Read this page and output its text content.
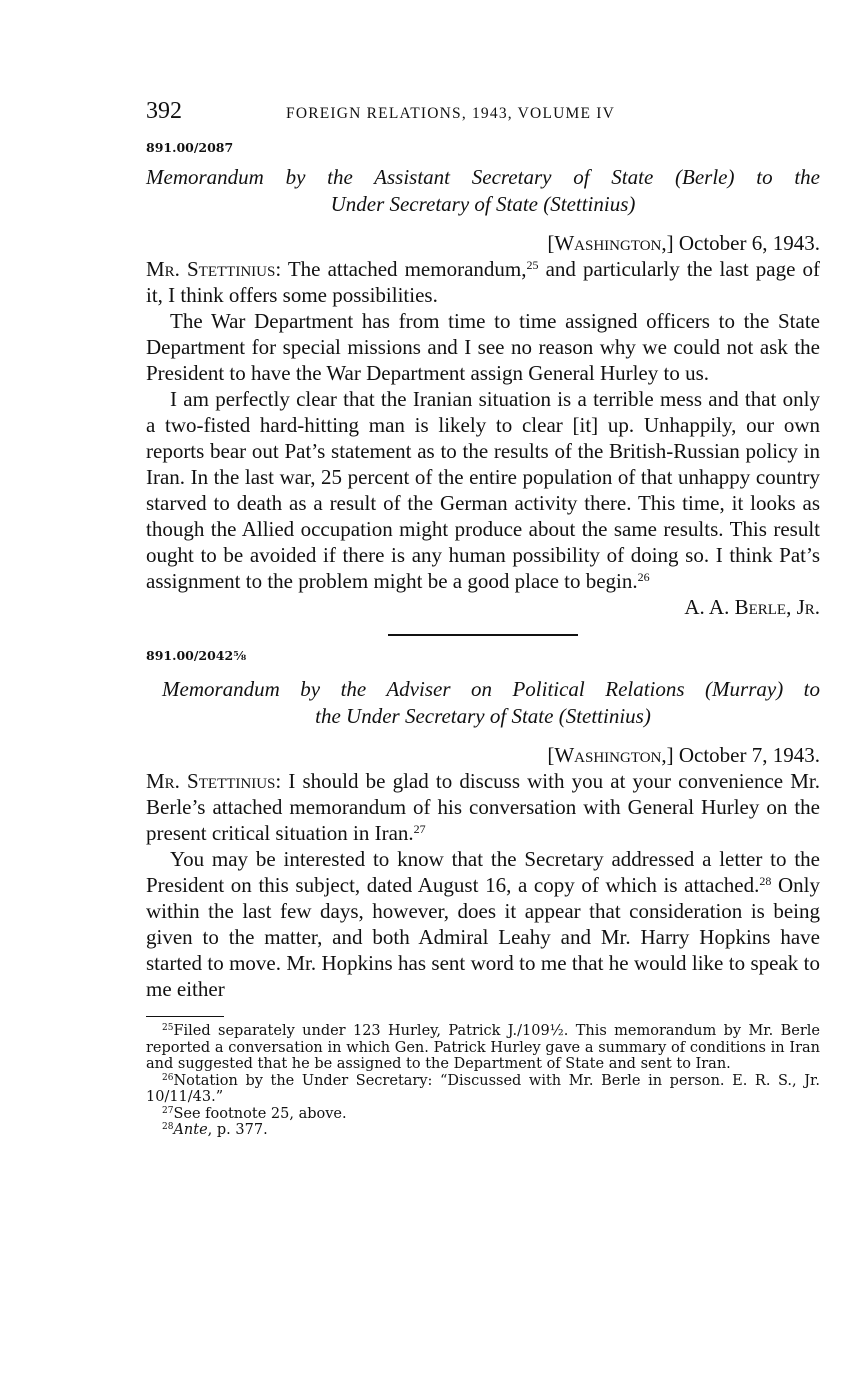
392	FOREIGN RELATIONS, 1943, VOLUME IV
891.00/2087
Memorandum by the Assistant Secretary of State (Berle) to the
Under Secretary of State (Stettinius)
[Washington,] October 6, 1943.

Mr. Stettinius: The attached memorandum,$^{25}$ and particularly the last page of it, I think offers some possibilities.

The War Department has from time to time assigned officers to the State Department for special missions and I see no reason why we could not ask the President to have the War Department assign General Hurley to us.

I am perfectly clear that the Iranian situation is a terrible mess and that only a two-fisted hard-hitting man is likely to clear [it] up. Unhappily, our own reports bear out Pat’s statement as to the results of the British-Russian policy in Iran. In the last war, 25 percent of the entire population of that unhappy country starved to death as a result of the German activity there. This time, it looks as though the Allied occupation might produce about the same results. This result ought to be avoided if there is any human possibility of doing so. I think Pat’s assignment to the problem might be a good place to begin.$^{26}$

A. A. Berle, Jr.
891.00/2042⅝
Memorandum by the Adviser on Political Relations (Murray) to
the Under Secretary of State (Stettinius)
[Washington,] October 7, 1943.

Mr. Stettinius: I should be glad to discuss with you at your convenience Mr. Berle’s attached memorandum of his conversation with General Hurley on the present critical situation in Iran.$^{27}$

You may be interested to know that the Secretary addressed a letter to the President on this subject, dated August 16, a copy of which is attached.$^{28}$ Only within the last few days, however, does it appear that consideration is being given to the matter, and both Admiral Leahy and Mr. Harry Hopkins have started to move. Mr. Hopkins has sent word to me that he would like to speak to me either

$^{25}$Filed separately under 123 Hurley, Patrick J./109½. This memorandum by Mr. Berle reported a conversation in which Gen. Patrick Hurley gave a summary of conditions in Iran and suggested that he be assigned to the Department of State and sent to Iran.

$^{26}$Notation by the Under Secretary: “Discussed with Mr. Berle in person. E. R. S., Jr. 10/11/43.”

$^{27}$See footnote 25, above.

$^{28}$Ante, p. 377.
